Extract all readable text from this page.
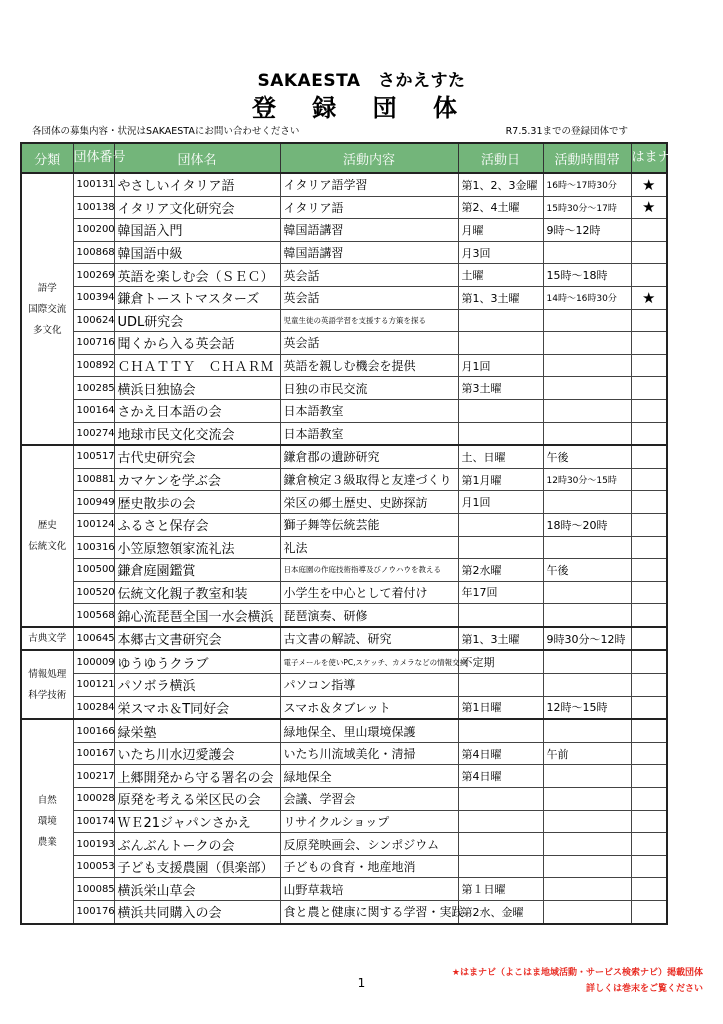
SAKAESTA　さかえすた
登 録 団 体
各団体の募集内容・状況はSAKAESTAにお問い合わせください	R7.5.31までの登録団体です
分類	団体番号	団体名	活動内容	活動日	活動時間帯	はまナビ
語学
国際交流
多文化	100131	やさしいイタリア語	イタリア語学習	第1、2、3金曜	16時～17時30分	★
	100138	イタリア文化研究会	イタリア語	第2、4土曜	15時30分～17時	★
	100200	韓国語入門	韓国語講習	月曜	9時～12時	
	100868	韓国語中級	韓国語講習	月3回		
	100269	英語を楽しむ会（ＳＥＣ）	英会話	土曜	15時～18時	
	100394	鎌倉トーストマスターズ	英会話	第1、3土曜	14時～16時30分	★
	100624	UDL研究会	児童生徒の英語学習を支援する方策を探る			
	100716	聞くから入る英会話	英会話			
	100892	ＣＨＡＴＴＹ　ＣＨＡＲＭ	英語を親しむ機会を提供	月1回		
	100285	横浜日独協会	日独の市民交流	第3土曜		
	100164	さかえ日本語の会	日本語教室			
	100274	地球市民文化交流会	日本語教室			
歴史
伝統文化	100517	古代史研究会	鎌倉郡の遺跡研究	土、日曜	午後	
	100881	カマケンを学ぶ会	鎌倉検定３級取得と友達づくり	第1月曜	12時30分～15時	
	100949	歴史散歩の会	栄区の郷土歴史、史跡探訪	月1回		
	100124	ふるさと保存会	獅子舞等伝統芸能		18時～20時	
	100316	小笠原惣領家流礼法	礼法			
	100500	鎌倉庭園鑑賞	日本庭園の作庭技術指導及びノウハウを教える	第2水曜	午後	
	100520	伝統文化親子教室和装	小学生を中心として着付け	年17回		
	100568	錦心流琵琶全国一水会横浜	琵琶演奏、研修			
古典文学	100645	本郷古文書研究会	古文書の解読、研究	第1、3土曜	9時30分～12時	
情報処理
科学技術	100009	ゆうゆうクラブ	電子メールを使いPC,スケッチ、カメラなどの情報交換	不定期		
	100121	パソボラ横浜	パソコン指導			
	100284	栄スマホ＆T同好会	スマホ＆タブレット	第1日曜	12時～15時	
自然
環境
農業	100166	緑栄塾	緑地保全、里山環境保護			
	100167	いたち川水辺愛護会	いたち川流域美化・清掃	第4日曜	午前	
	100217	上郷開発から守る署名の会	緑地保全	第4日曜		
	100028	原発を考える栄区民の会	会議、学習会			
	100174	ＷＥ21ジャパンさかえ	リサイクルショップ			
	100193	ぶんぶんトークの会	反原発映画会、シンポジウム			
	100053	子ども支援農園（倶楽部）	子どもの食育・地産地消			
	100085	横浜栄山草会	山野草栽培	第１日曜		
	100176	横浜共同購入の会	食と農と健康に関する学習・実践	第2水、金曜		
1
★はまナビ（よこはま地域活動・サービス検索ナビ）掲載団体
詳しくは巻末をご覧ください
